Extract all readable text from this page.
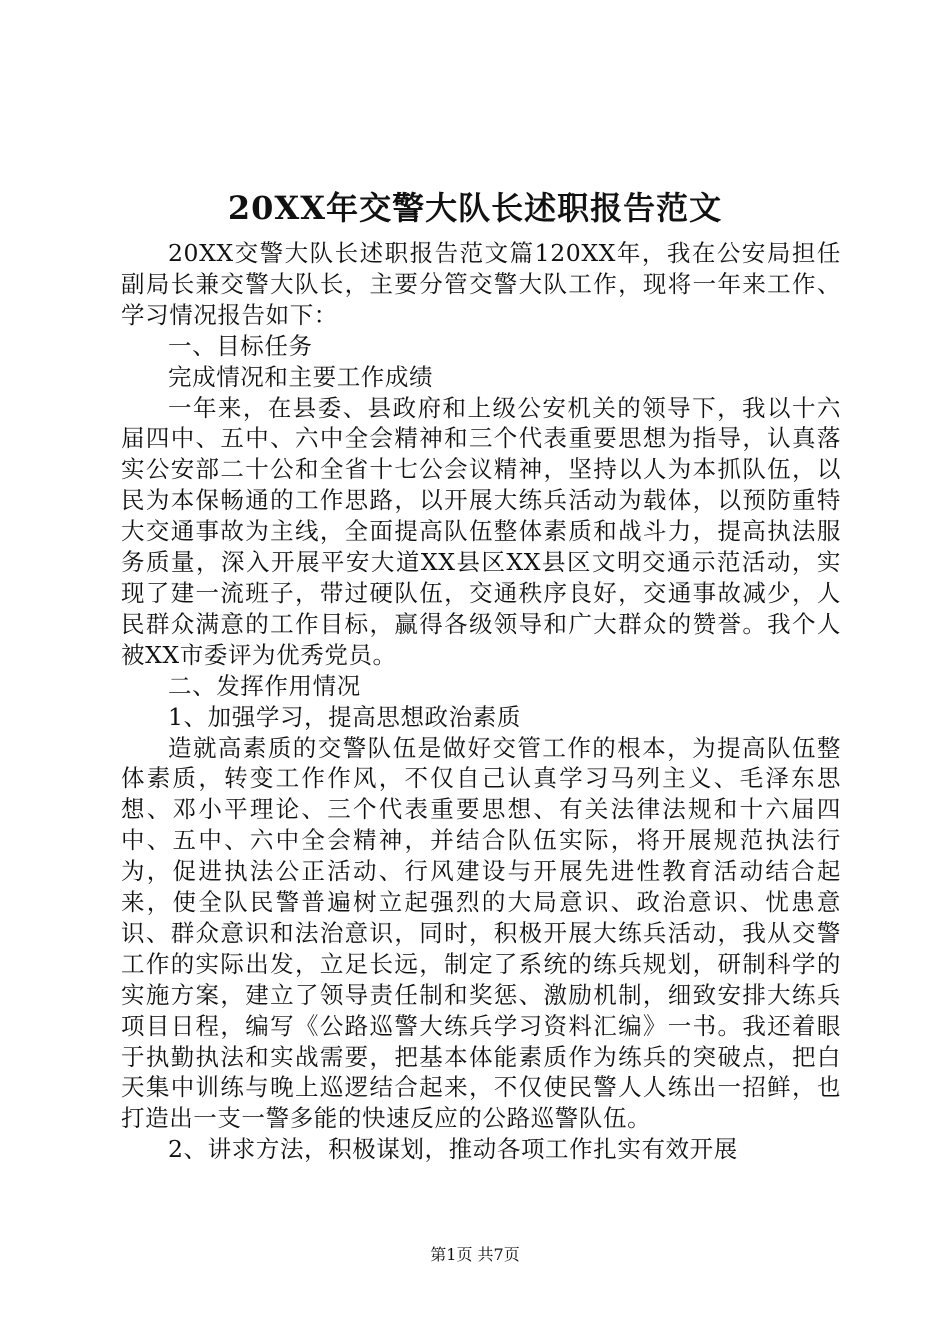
20XX年交警大队长述职报告范文

20XX交警大队长述职报告范文篇120XX年，我在公安局担任副局长兼交警大队长，主要分管交警大队工作，现将一年来工作、学习情况报告如下：

一、目标任务

完成情况和主要工作成绩

一年来，在县委、县政府和上级公安机关的领导下，我以十六届四中、五中、六中全会精神和三个代表重要思想为指导，认真落实公安部二十公和全省十七公会议精神，坚持以人为本抓队伍，以民为本保畅通的工作思路，以开展大练兵活动为载体，以预防重特大交通事故为主线，全面提高队伍整体素质和战斗力，提高执法服务质量，深入开展平安大道XX县区XX县区文明交通示范活动，实现了建一流班子，带过硬队伍，交通秩序良好，交通事故减少，人民群众满意的工作目标，赢得各级领导和广大群众的赞誉。我个人被XX市委评为优秀党员。

二、发挥作用情况

1、加强学习，提高思想政治素质

造就高素质的交警队伍是做好交管工作的根本，为提高队伍整体素质，转变工作作风，不仅自己认真学习马列主义、毛泽东思想、邓小平理论、三个代表重要思想、有关法律法规和十六届四中、五中、六中全会精神，并结合队伍实际，将开展规范执法行为，促进执法公正活动、行风建设与开展先进性教育活动结合起来，使全队民警普遍树立起强烈的大局意识、政治意识、忧患意识、群众意识和法治意识，同时，积极开展大练兵活动，我从交警工作的实际出发，立足长远，制定了系统的练兵规划，研制科学的实施方案，建立了领导责任制和奖惩、激励机制，细致安排大练兵项目日程，编写《公路巡警大练兵学习资料汇编》一书。我还着眼于执勤执法和实战需要，把基本体能素质作为练兵的突破点，把白天集中训练与晚上巡逻结合起来，不仅使民警人人练出一招鲜，也打造出一支一警多能的快速反应的公路巡警队伍。

2、讲求方法，积极谋划，推动各项工作扎实有效开展

第1页 共7页
